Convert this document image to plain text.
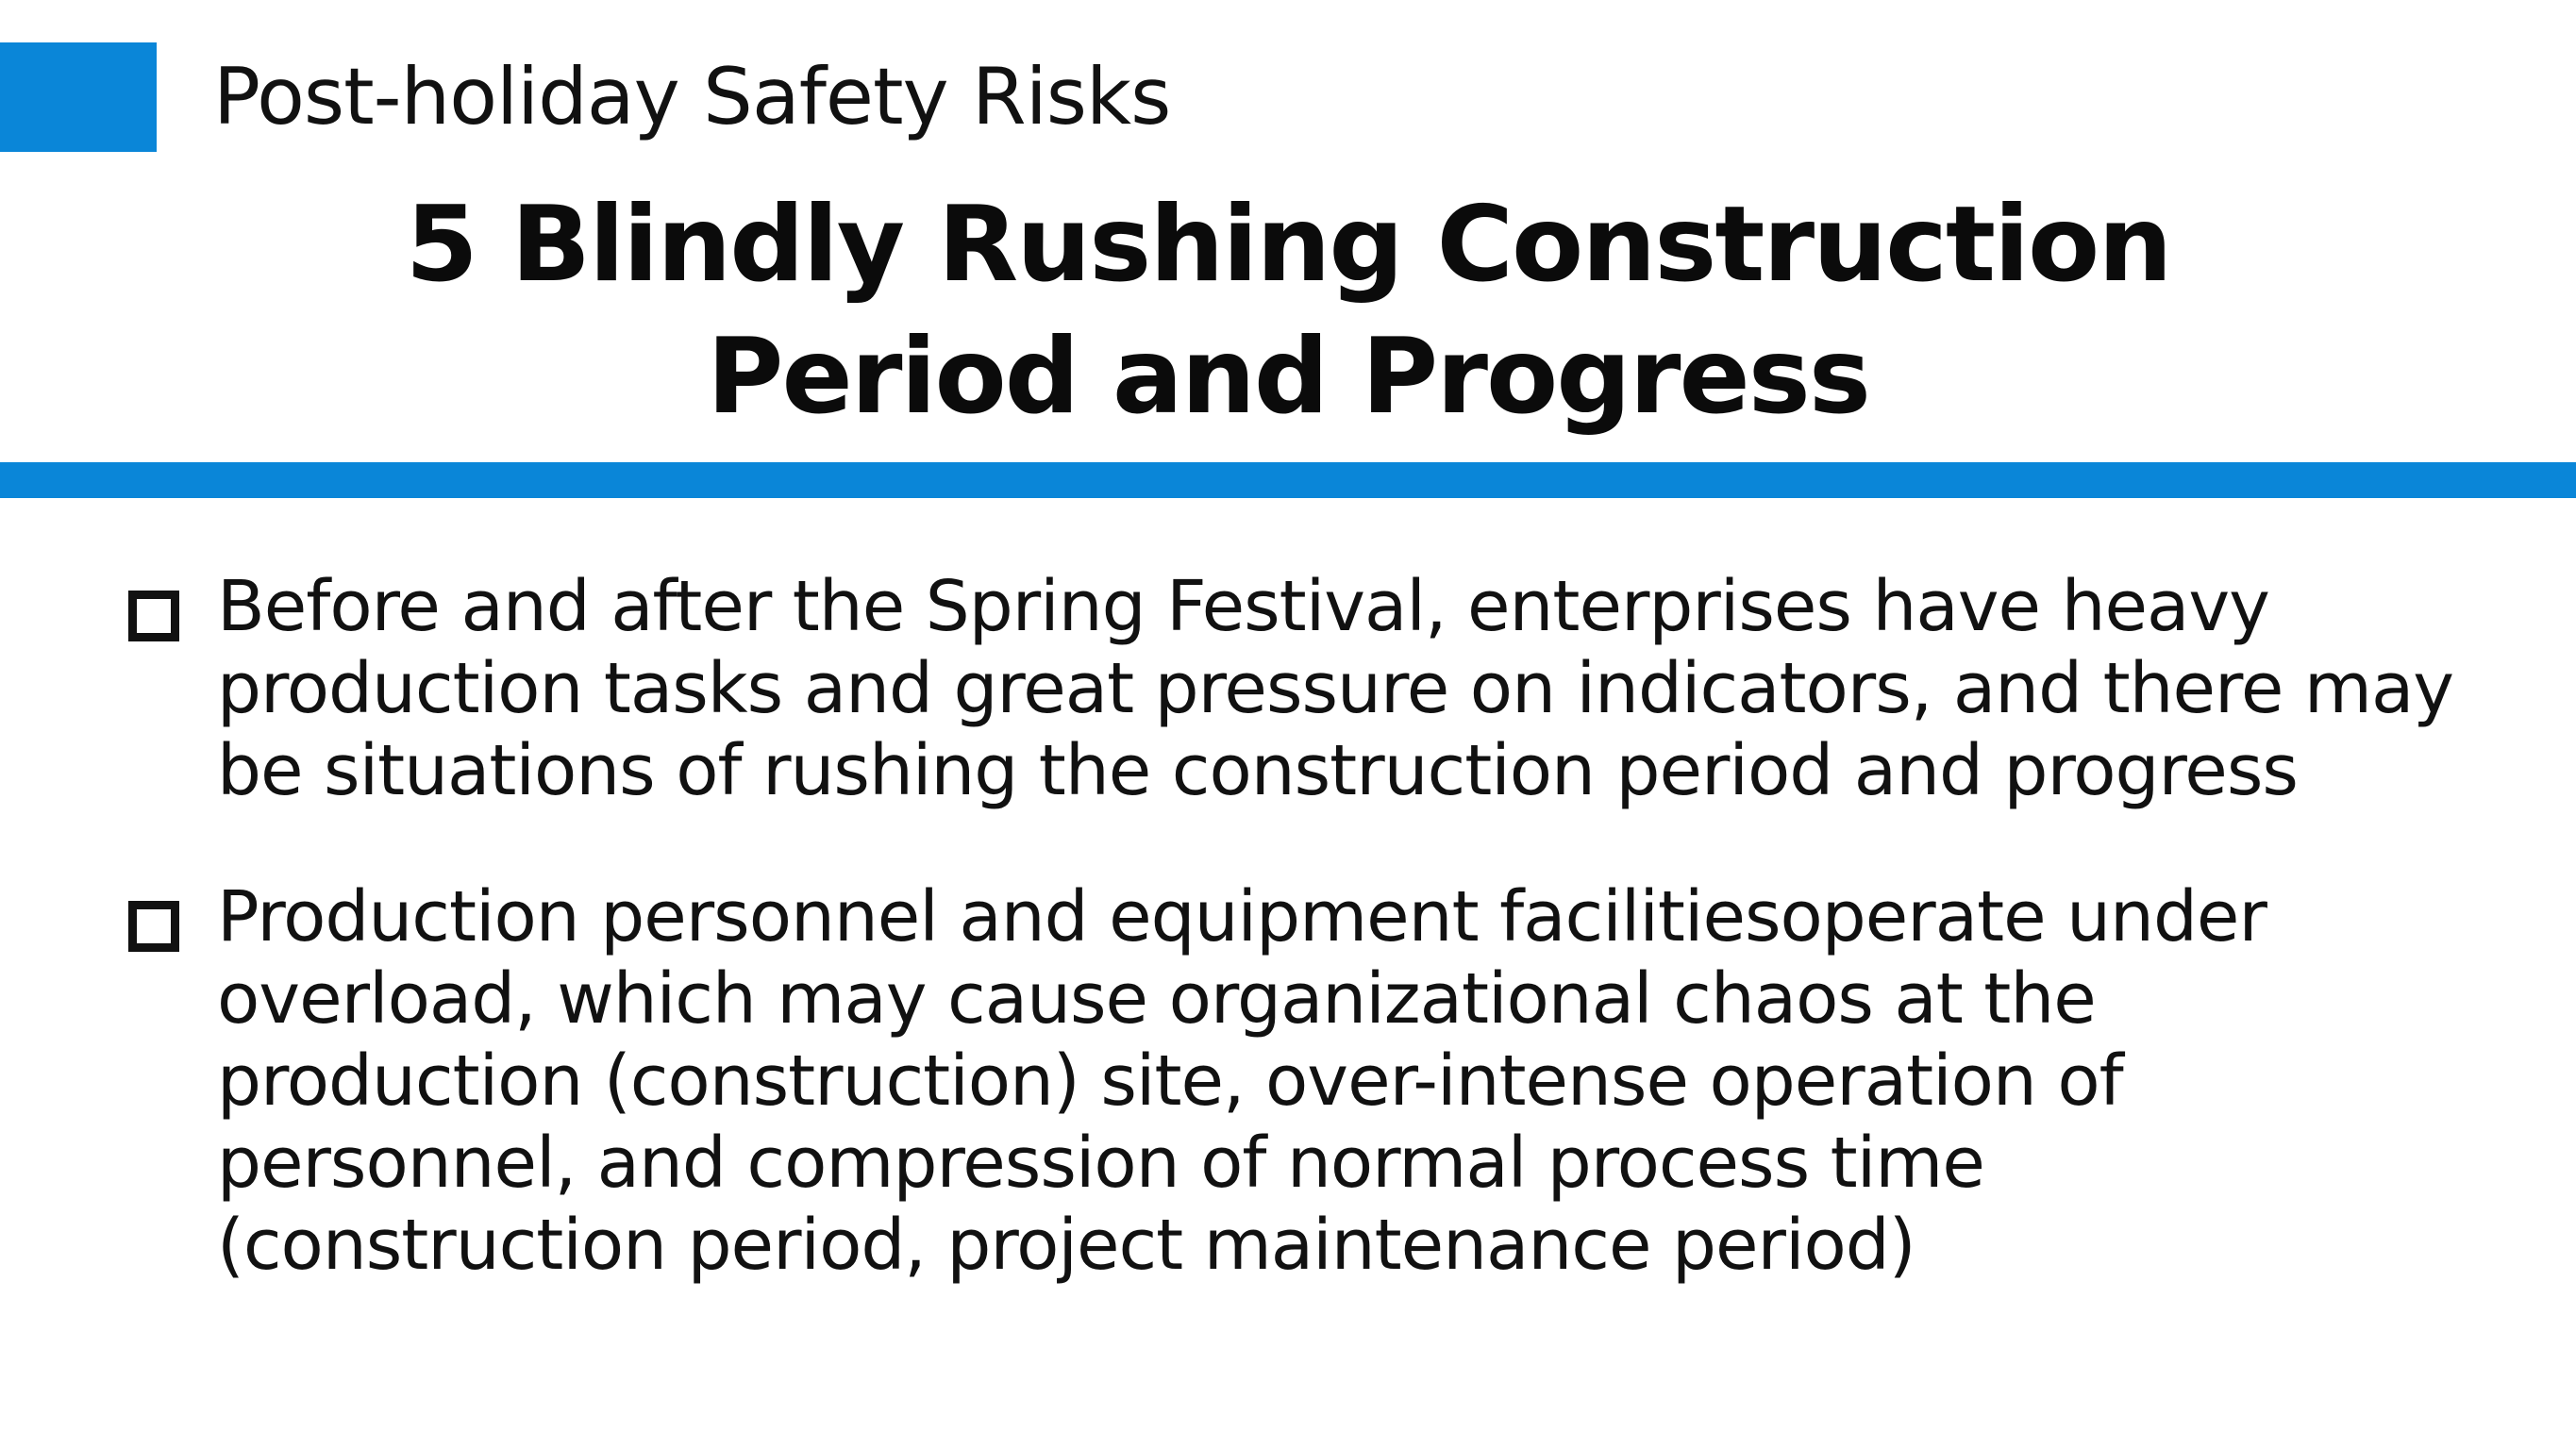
Post-holiday Safety Risks
5 Blindly Rushing Construction
Period and Progress
Before and after the Spring Festival, enterprises have heavy
production tasks and great pressure on indicators, and there may
be situations of rushing the construction period and progress
Production personnel and equipment facilitiesoperate under
overload, which may cause organizational chaos at the
production (construction) site, over-intense operation of
personnel, and compression of normal process time
(construction period, project maintenance period)
